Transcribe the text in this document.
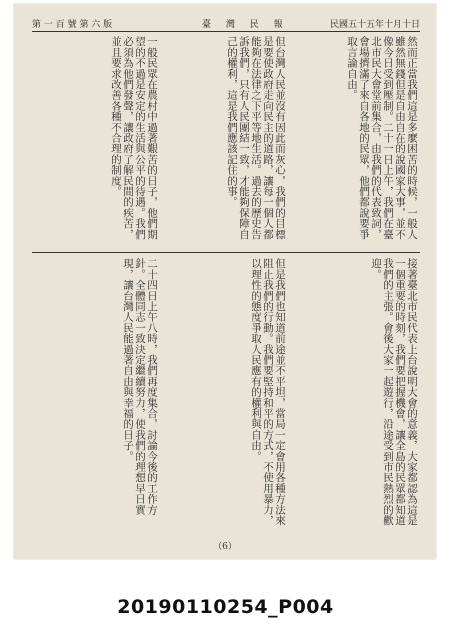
民國五十五年十月十日
臺 灣 民 報
第 一 百 號 第 六 版
然而正當我們這是多麼困苦的時候，一般人雖然無錢但是自由自在的說國家大事，並不像今日受到壓制。二十一日上午，我們在臺北市民大會堂前集合，由我們的代表致詞，會場擠滿了來自各地的民眾，他們都說要爭取言論自由。
但台灣人民並沒有因此而灰心，我們的目標是要使政府走向民主的道路，讓每一個人都能夠在法律之下平等地生活。過去的歷史告訴我們，只有人民團結一致，才能夠保障自己的權利，這是我們應該記住的事。
一般民眾在農村中過著艱苦的日子，他們期望的不過是安定的生活與公平的待遇。我們必須為他們發聲，讓政府了解民間的疾苦，並且要求改善各種不合理的制度。
接著臺北市民代表上台說明大會的意義，大家都認為這是一個重要的時刻，我們要把握機會，讓全島的民眾都知道我們的主張。會後大家一起遊行，沿途受到市民熱烈的歡迎。
但是我們也知道前途並不平坦，當局一定會用各種方法來阻止我們的行動。我們要堅持和平的方式，不使用暴力，以理性的態度爭取人民應有的權利與自由。
二十四日上午八時，我們再度集合，討論今後的工作方針。全體同志一致決定繼續努力，使我們的理想早日實現，讓台灣人民能過著自由與幸福的日子。
（6）
20190110254_P004
